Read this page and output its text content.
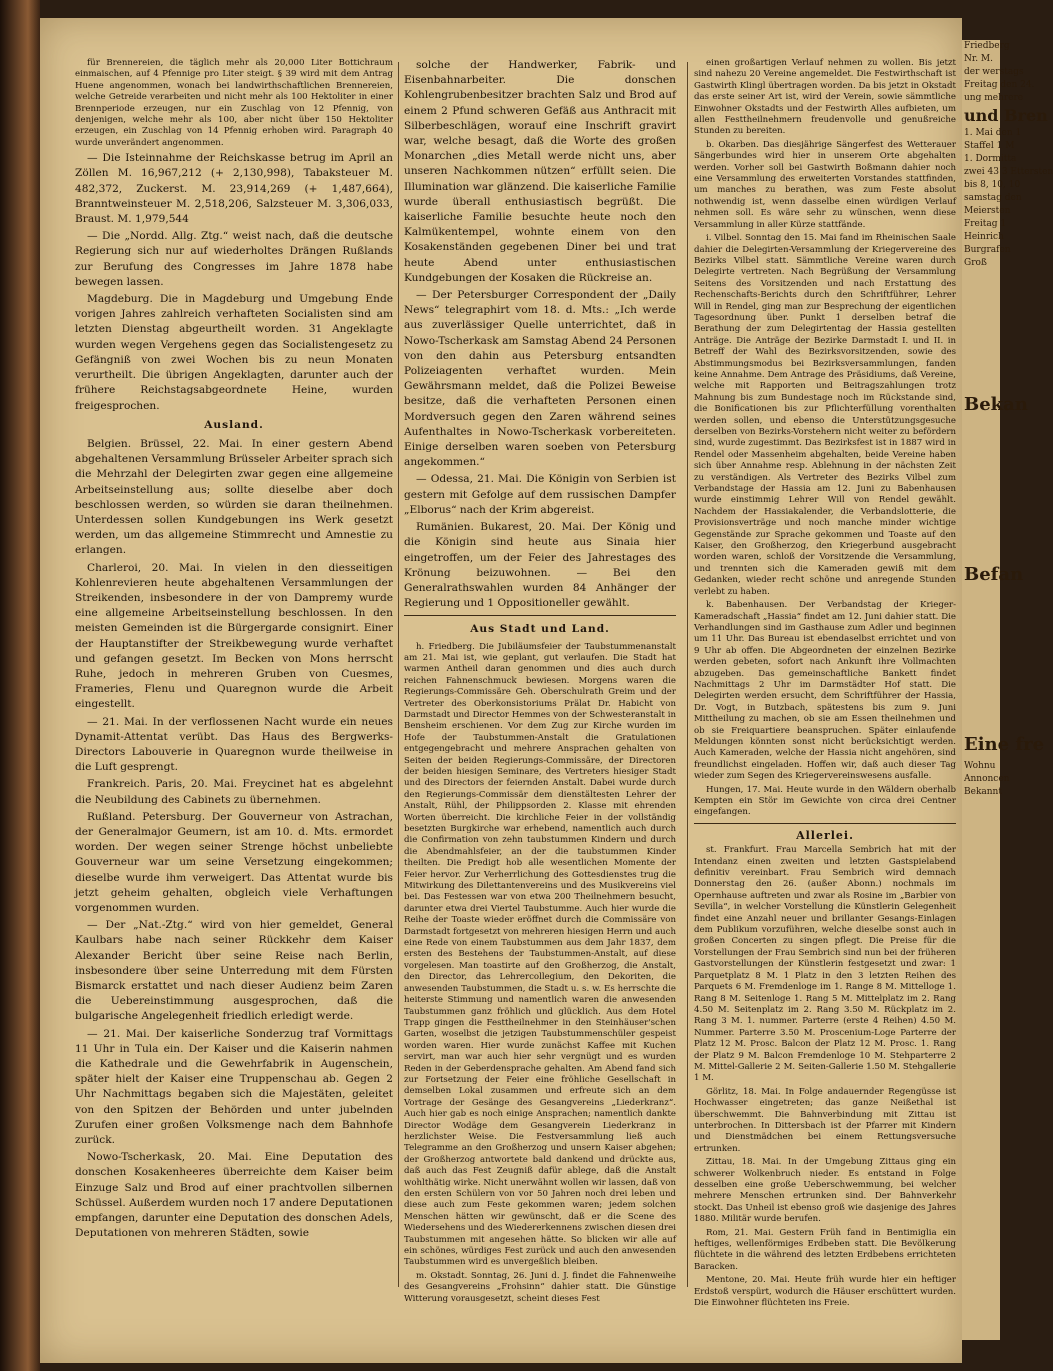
für Brennereien, die täglich mehr als 20,000 Liter Bottichraum einmaischen, auf 4 Pfennige pro Liter steigt. § 39 wird mit dem Antrag Huene angenommen, wonach bei landwirthschaftlichen Brennereien, welche Getreide verarbeiten und nicht mehr als 100 Hektoliter in einer Brennperiode erzeugen, nur ein Zuschlag von 12 Pfennig, von denjenigen, welche mehr als 100, aber nicht über 150 Hektoliter erzeugen, ein Zuschlag von 14 Pfennig erhoben wird. Paragraph 40 wurde unverändert angenommen.

— Die Isteinnahme der Reichskasse betrug im April an Zöllen M. 16,967,212 (+ 2,130,998), Tabaksteuer M. 482,372, Zuckerst. M. 23,914,269 (+ 1,487,664), Branntweinsteuer M. 2,518,206, Salzsteuer M. 3,306,033, Braust. M. 1,979,544

— Die „Nordd. Allg. Ztg.“ weist nach, daß die deutsche Regierung sich nur auf wiederholtes Drängen Rußlands zur Berufung des Congresses im Jahre 1878 habe bewegen lassen.

Magdeburg. Die in Magdeburg und Umgebung Ende vorigen Jahres zahlreich verhafteten Socialisten sind am letzten Dienstag abgeurtheilt worden. 31 Angeklagte wurden wegen Vergehens gegen das Socialistengesetz zu Gefängniß von zwei Wochen bis zu neun Monaten verurtheilt. Die übrigen Angeklagten, darunter auch der frühere Reichstagsabgeordnete Heine, wurden freigesprochen.

Ausland.

Belgien. Brüssel, 22. Mai. In einer gestern Abend abgehaltenen Versammlung Brüsseler Arbeiter sprach sich die Mehrzahl der Delegirten zwar gegen eine allgemeine Arbeitseinstellung aus; sollte dieselbe aber doch beschlossen werden, so würden sie daran theilnehmen. Unterdessen sollen Kundgebungen ins Werk gesetzt werden, um das allgemeine Stimmrecht und Amnestie zu erlangen.

Charleroi, 20. Mai. In vielen in den diesseitigen Kohlenrevieren heute abgehaltenen Versammlungen der Streikenden, insbesondere in der von Dampremy wurde eine allgemeine Arbeitseinstellung beschlossen. In den meisten Gemeinden ist die Bürgergarde consignirt. Einer der Hauptanstifter der Streikbewegung wurde verhaftet und gefangen gesetzt. Im Becken von Mons herrscht Ruhe, jedoch in mehreren Gruben von Cuesmes, Frameries, Flenu und Quaregnon wurde die Arbeit eingestellt.

— 21. Mai. In der verflossenen Nacht wurde ein neues Dynamit-Attentat verübt. Das Haus des Bergwerks-Directors Labouverie in Quaregnon wurde theilweise in die Luft gesprengt.

Frankreich. Paris, 20. Mai. Freycinet hat es abgelehnt die Neubildung des Cabinets zu übernehmen.

Rußland. Petersburg. Der Gouverneur von Astrachan, der Generalmajor Geumern, ist am 10. d. Mts. ermordet worden. Der wegen seiner Strenge höchst unbeliebte Gouverneur war um seine Versetzung eingekommen; dieselbe wurde ihm verweigert. Das Attentat wurde bis jetzt geheim gehalten, obgleich viele Verhaftungen vorgenommen wurden.

— Der „Nat.-Ztg.“ wird von hier gemeldet, General Kaulbars habe nach seiner Rückkehr dem Kaiser Alexander Bericht über seine Reise nach Berlin, insbesondere über seine Unterredung mit dem Fürsten Bismarck erstattet und nach dieser Audienz beim Zaren die Uebereinstimmung ausgesprochen, daß die bulgarische Angelegenheit friedlich erledigt werde.

— 21. Mai. Der kaiserliche Sonderzug traf Vormittags 11 Uhr in Tula ein. Der Kaiser und die Kaiserin nahmen die Kathedrale und die Gewehrfabrik in Augenschein, später hielt der Kaiser eine Truppenschau ab. Gegen 2 Uhr Nachmittags begaben sich die Majestäten, geleitet von den Spitzen der Behörden und unter jubelnden Zurufen einer großen Volksmenge nach dem Bahnhofe zurück.

Nowo-Tscherkask, 20. Mai. Eine Deputation des donschen Kosakenheeres überreichte dem Kaiser beim Einzuge Salz und Brod auf einer prachtvollen silbernen Schüssel. Außerdem wurden noch 17 andere Deputationen empfangen, darunter eine Deputation des donschen Adels, Deputationen von mehreren Städten, sowie

solche der Handwerker, Fabrik- und Eisenbahnarbeiter. Die donschen Kohlengrubenbesitzer brachten Salz und Brod auf einem 2 Pfund schweren Gefäß aus Anthracit mit Silberbeschlägen, worauf eine Inschrift gravirt war, welche besagt, daß die Worte des großen Monarchen „dies Metall werde nicht uns, aber unseren Nachkommen nützen“ erfüllt seien. Die Illumination war glänzend. Die kaiserliche Familie wurde überall enthusiastisch begrüßt. Die kaiserliche Familie besuchte heute noch den Kalmükentempel, wohnte einem von den Kosakenständen gegebenen Diner bei und trat heute Abend unter enthusiastischen Kundgebungen der Kosaken die Rückreise an.

— Der Petersburger Correspondent der „Daily News“ telegraphirt vom 18. d. Mts.: „Ich werde aus zuverlässiger Quelle unterrichtet, daß in Nowo-Tscherkask am Samstag Abend 24 Personen von den dahin aus Petersburg entsandten Polizeiagenten verhaftet wurden. Mein Gewährsmann meldet, daß die Polizei Beweise besitze, daß die verhafteten Personen einen Mordversuch gegen den Zaren während seines Aufenthaltes in Nowo-Tscherkask vorbereiteten. Einige derselben waren soeben von Petersburg angekommen.“

— Odessa, 21. Mai. Die Königin von Serbien ist gestern mit Gefolge auf dem russischen Dampfer „Elborus“ nach der Krim abgereist.

Rumänien. Bukarest, 20. Mai. Der König und die Königin sind heute aus Sinaia hier eingetroffen, um der Feier des Jahrestages des Krönung beizuwohnen. — Bei den Generalrathswahlen wurden 84 Anhänger der Regierung und 1 Oppositioneller gewählt.

Aus Stadt und Land.

h. Friedberg. Die Jubiläumsfeier der Taubstummenanstalt am 21. Mai ist, wie geplant, gut verlaufen. Die Stadt hat warmen Antheil daran genommen und dies auch durch reichen Fahnenschmuck bewiesen. Morgens waren die Regierungs-Commissäre Geh. Oberschulrath Greim und der Vertreter des Oberkonsistoriums Prälat Dr. Habicht von Darmstadt und Director Hemmes von der Schwesteranstalt in Bensheim erschienen. Vor dem Zug zur Kirche wurden im Hofe der Taubstummen-Anstalt die Gratulationen entgegengebracht und mehrere Ansprachen gehalten von Seiten der beiden Regierungs-Commissäre, der Directoren der beiden hiesigen Seminare, des Vertreters hiesiger Stadt und des Directors der feiernden Anstalt. Dabei wurde durch den Regierungs-Commissär dem dienstältesten Lehrer der Anstalt, Rühl, der Philippsorden 2. Klasse mit ehrenden Worten überreicht. Die kirchliche Feier in der vollständig besetzten Burgkirche war erhebend, namentlich auch durch die Confirmation von zehn taubstummen Kindern und durch die Abendmahlsfeier, an der die taubstummen Kinder theilten. Die Predigt hob alle wesentlichen Momente der Feier hervor. Zur Verherrlichung des Gottesdienstes trug die Mitwirkung des Dilettantenvereins und des Musikvereins viel bei. Das Festessen war von etwa 200 Theilnehmern besucht, darunter etwa drei Viertel Taubstumme. Auch hier wurde die Reihe der Toaste wieder eröffnet durch die Commissäre von Darmstadt fortgesetzt von mehreren hiesigen Herrn und auch eine Rede von einem Taubstummen aus dem Jahr 1837, dem ersten des Bestehens der Taubstummen-Anstalt, auf diese vorgelesen. Man toastirte auf den Großherzog, die Anstalt, den Director, das Lehrercollegium, den Dekoriten, die anwesenden Taubstummen, die Stadt u. s. w. Es herrschte die heiterste Stimmung und namentlich waren die anwesenden Taubstummen ganz fröhlich und glücklich. Aus dem Hotel Trapp gingen die Festtheilnehmer in den Steinhäuser'schen Garten, woselbst die jetzigen Taubstummenschüler gespeist worden waren. Hier wurde zunächst Kaffee mit Kuchen servirt, man war auch hier sehr vergnügt und es wurden Reden in der Geberdensprache gehalten. Am Abend fand sich zur Fortsetzung der Feier eine fröhliche Gesellschaft in demselben Lokal zusammen und erfreute sich an dem Vortrage der Gesänge des Gesangvereins „Liederkranz“. Auch hier gab es noch einige Ansprachen; namentlich dankte Director Wodäge dem Gesangverein Liederkranz in herzlichster Weise. Die Festversammlung ließ auch Telegramme an den Großherzog und unsern Kaiser abgehen; der Großherzog antwortete bald dankend und drückte aus, daß auch das Fest Zeugniß dafür ablege, daß die Anstalt wohlthätig wirke. Nicht unerwähnt wollen wir lassen, daß von den ersten Schülern von vor 50 Jahren noch drei leben und diese auch zum Feste gekommen waren; jedem solchen Menschen hätten wir gewünscht, daß er die Scene des Wiedersehens und des Wiedererkennens zwischen diesen drei Taubstummen mit angesehen hätte. So blicken wir alle auf ein schönes, würdiges Fest zurück und auch den anwesenden Taubstummen wird es unvergeßlich bleiben.

m. Okstadt. Sonntag, 26. Juni d. J. findet die Fahnenweihe des Gesangvereins „Frohsinn“ dahier statt. Die Günstige Witterung vorausgesetzt, scheint dieses Fest

einen großartigen Verlauf nehmen zu wollen. Bis jetzt sind nahezu 20 Vereine angemeldet. Die Festwirthschaft ist Gastwirth Klingl übertragen worden. Da bis jetzt in Okstadt das erste seiner Art ist, wird der Verein, sowie sämmtliche Einwohner Okstadts und der Festwirth Alles aufbieten, um allen Festtheilnehmern freudenvolle und genußreiche Stunden zu bereiten.

b. Okarben. Das diesjährige Sängerfest des Wetterauer Sängerbundes wird hier in unserem Orte abgehalten werden. Vorher soll bei Gastwirth Boßmann dahier noch eine Versammlung des erweiterten Vorstandes stattfinden, um manches zu berathen, was zum Feste absolut nothwendig ist, wenn dasselbe einen würdigen Verlauf nehmen soll. Es wäre sehr zu wünschen, wenn diese Versammlung in aller Kürze stattfände.

i. Vilbel. Sonntag den 15. Mai fand im Rheinischen Saale dahier die Delegirten-Versammlung der Kriegervereine des Bezirks Vilbel statt. Sämmtliche Vereine waren durch Delegirte vertreten. Nach Begrüßung der Versammlung Seitens des Vorsitzenden und nach Erstattung des Rechenschafts-Berichts durch den Schriftführer, Lehrer Will in Rendel, ging man zur Besprechung der eigentlichen Tagesordnung über. Punkt 1 derselben betraf die Berathung der zum Delegirtentag der Hassia gestellten Anträge. Die Anträge der Bezirke Darmstadt I. und II. in Betreff der Wahl des Bezirksvorsitzenden, sowie des Abstimmungsmodus bei Bezirksversammlungen, fanden keine Annahme. Dem Antrage des Präsidiums, daß Vereine, welche mit Rapporten und Beitragszahlungen trotz Mahnung bis zum Bundestage noch im Rückstande sind, die Bonificationen bis zur Pflichterfüllung vorenthalten werden sollen, und ebenso die Unterstützungsgesuche derselben von Bezirks-Vorstehern nicht weiter zu befördern sind, wurde zugestimmt. Das Bezirksfest ist in 1887 wird in Rendel oder Massenheim abgehalten, beide Vereine haben sich über Annahme resp. Ablehnung in der nächsten Zeit zu verständigen. Als Vertreter des Bezirks Vilbel zum Verbandstage der Hassia am 12. Juni zu Babenhausen wurde einstimmig Lehrer Will von Rendel gewählt. Nachdem der Hassiakalender, die Verbandslotterie, die Provisionsverträge und noch manche minder wichtige Gegenstände zur Sprache gekommen und Toaste auf den Kaiser, den Großherzog, den Kriegerbund ausgebracht worden waren, schloß der Vorsitzende die Versammlung, und trennten sich die Kameraden gewiß mit dem Gedanken, wieder recht schöne und anregende Stunden verlebt zu haben.

k. Babenhausen. Der Verbandstag der Krieger-Kameradschaft „Hassia“ findet am 12. Juni dahier statt. Die Verhandlungen sind im Gasthause zum Adler und beginnen um 11 Uhr. Das Bureau ist ebendaselbst errichtet und von 9 Uhr ab offen. Die Abgeordneten der einzelnen Bezirke werden gebeten, sofort nach Ankunft ihre Vollmachten abzugeben. Das gemeinschaftliche Bankett findet Nachmittags 2 Uhr im Darmstädter Hof statt. Die Delegirten werden ersucht, dem Schriftführer der Hassia, Dr. Vogt, in Butzbach, spätestens bis zum 9. Juni Mittheilung zu machen, ob sie am Essen theilnehmen und ob sie Freiquartiere beanspruchen. Später einlaufende Meldungen könnten sonst nicht berücksichtigt werden. Auch Kameraden, welche der Hassia nicht angehören, sind freundlichst eingeladen. Hoffen wir, daß auch dieser Tag wieder zum Segen des Kriegervereinswesens ausfalle.

Hungen, 17. Mai. Heute wurde in den Wäldern oberhalb Kempten ein Stör im Gewichte von circa drei Centner eingefangen.

Allerlei.

st. Frankfurt. Frau Marcella Sembrich hat mit der Intendanz einen zweiten und letzten Gastspielabend definitiv vereinbart. Frau Sembrich wird demnach Donnerstag den 26. (außer Abonn.) nochmals im Opernhause auftreten und zwar als Rosine im „Barbier von Sevilla“, in welcher Vorstellung die Künstlerin Gelegenheit findet eine Anzahl neuer und brillanter Gesangs-Einlagen dem Publikum vorzuführen, welche dieselbe sonst auch in großen Concerten zu singen pflegt. Die Preise für die Vorstellungen der Frau Sembrich sind nun bei der früheren Gastvorstellungen der Künstlerin festgesetzt und zwar: 1 Parquetplatz 8 M. 1 Platz in den 3 letzten Reihen des Parquets 6 M. Fremdenloge im 1. Range 8 M. Mittelloge 1. Rang 8 M. Seitenloge 1. Rang 5 M. Mittelplatz im 2. Rang 4.50 M. Seitenplatz im 2. Rang 3.50 M. Rückplatz im 2. Rang 3 M. 1. nummer. Parterre (erste 4 Reihen) 4.50 M. Nummer. Parterre 3.50 M. Proscenium-Loge Parterre der Platz 12 M. Prosc. Balcon der Platz 12 M. Prosc. 1. Rang der Platz 9 M. Balcon Fremdenloge 10 M. Stehparterre 2 M. Mittel-Gallerie 2 M. Seiten-Gallerie 1.50 M. Stehgallerie 1 M.

Görlitz, 18. Mai. In Folge andauernder Regengüsse ist Hochwasser eingetreten; das ganze Neißethal ist überschwemmt. Die Bahnverbindung mit Zittau ist unterbrochen. In Dittersbach ist der Pfarrer mit Kindern und Dienstmädchen bei einem Rettungsversuche ertrunken.

Zittau, 18. Mai. In der Umgebung Zittaus ging ein schwerer Wolkenbruch nieder. Es entstand in Folge desselben eine große Ueberschwemmung, bei welcher mehrere Menschen ertrunken sind. Der Bahnverkehr stockt. Das Unheil ist ebenso groß wie dasjenige des Jahres 1880. Militär wurde berufen.

Rom, 21. Mai. Gestern Früh fand in Bentimiglia ein heftiges, wellenförmiges Erdbeben statt. Die Bevölkerung flüchtete in die während des letzten Erdbebens errichteten Baracken.

Mentone, 20. Mai. Heute früh wurde hier ein heftiger Erdstoß verspürt, wodurch die Häuser erschüttert wurden. Die Einwohner flüchteten ins Freie.

Friedberg
Nr. M.
der werstags
Freitag den 24.
ung mehrere
und Bren
1. Mai den 1
Staffel 1 M
1. Dormitta
zwei 43 3 Ettersten
bis 8, 10, 10
samstag den
Meiersten
Freitag 1
Heinrich
Burgrafen
Groß
Bekan
Befan
Eine fre
Wohnu
Annoncen
Bekannt
